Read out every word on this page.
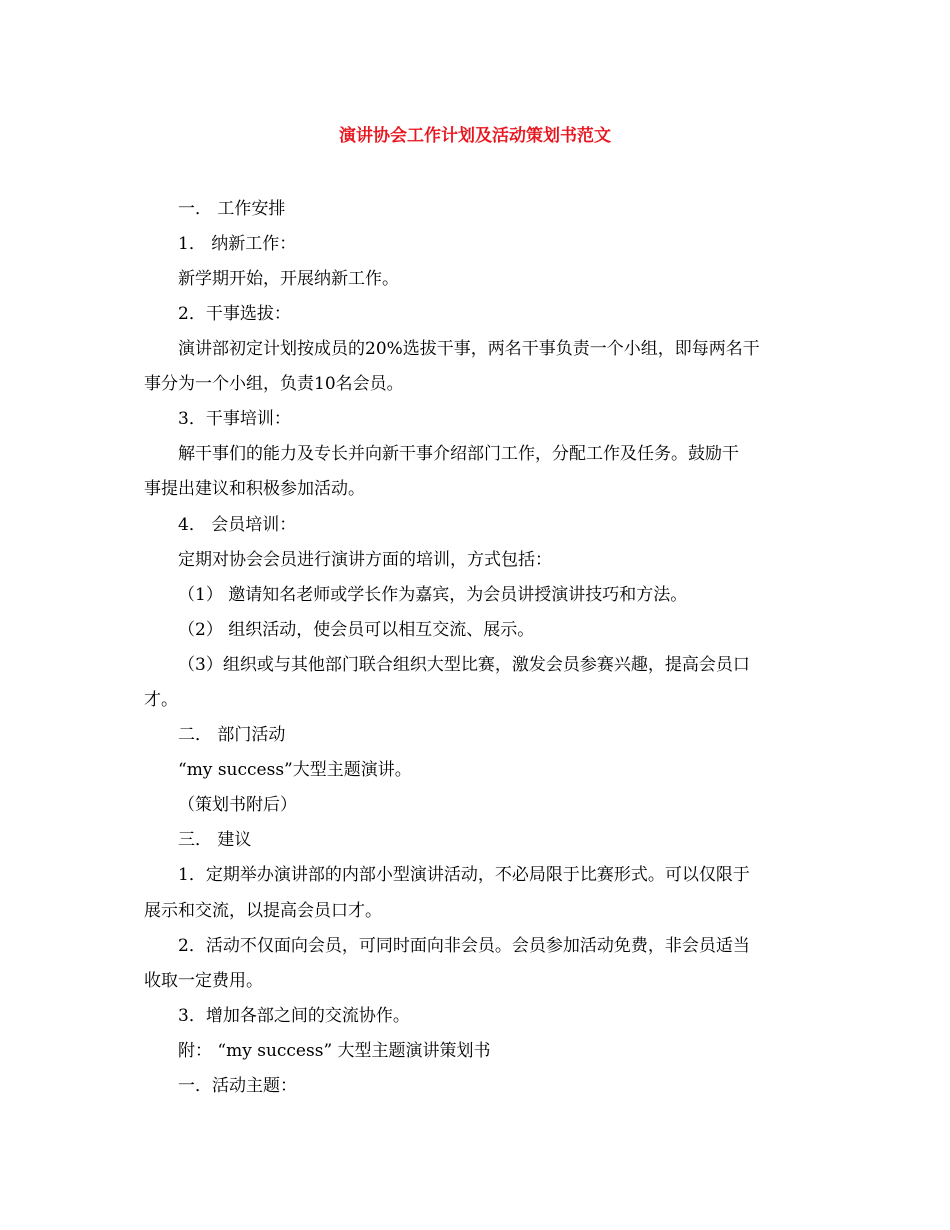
演讲协会工作计划及活动策划书范文
一． 工作安排
1． 纳新工作：
新学期开始，开展纳新工作。
2．干事选拔：
演讲部初定计划按成员的20%选拔干事，两名干事负责一个小组，即每两名干
事分为一个小组，负责10名会员。
3．干事培训：
解干事们的能力及专长并向新干事介绍部门工作，分配工作及任务。鼓励干
事提出建议和积极参加活动。
4． 会员培训：
定期对协会会员进行演讲方面的培训，方式包括：
（1） 邀请知名老师或学长作为嘉宾，为会员讲授演讲技巧和方法。
（2） 组织活动，使会员可以相互交流、展示。
（3）组织或与其他部门联合组织大型比赛，激发会员参赛兴趣，提高会员口
才。
二． 部门活动
“my success”大型主题演讲。
（策划书附后）
三． 建议
1．定期举办演讲部的内部小型演讲活动，不必局限于比赛形式。可以仅限于
展示和交流，以提高会员口才。
2．活动不仅面向会员，可同时面向非会员。会员参加活动免费，非会员适当
收取一定费用。
3．增加各部之间的交流协作。
附： “my success” 大型主题演讲策划书
一．活动主题：
